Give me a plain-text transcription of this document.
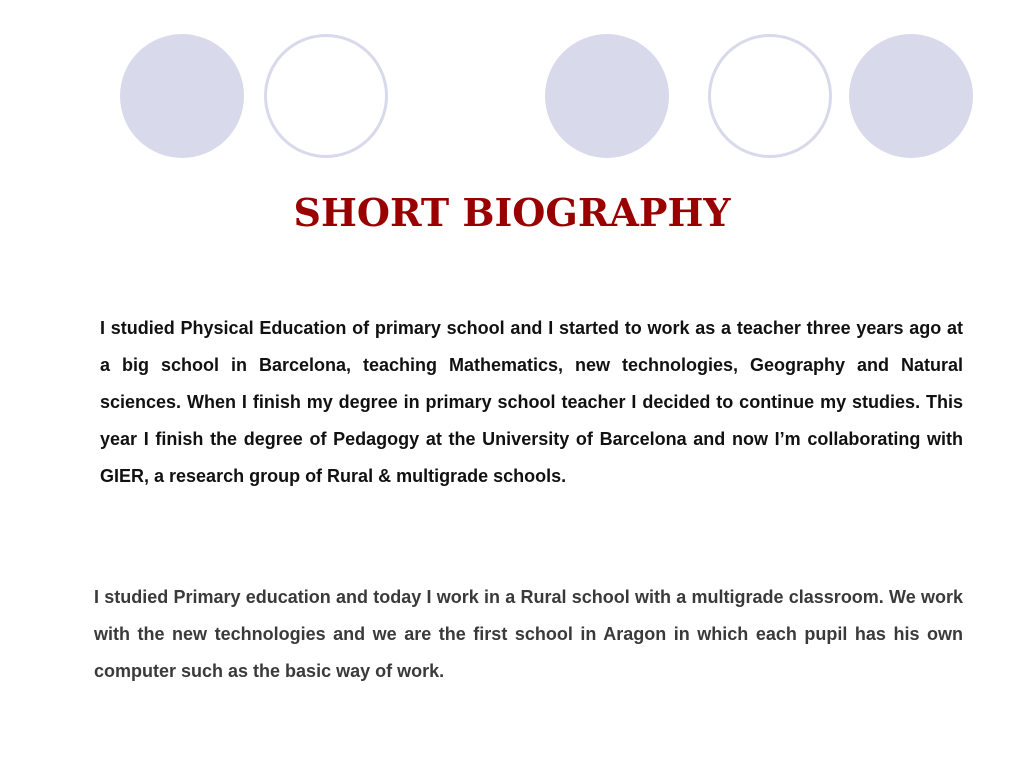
SHORT BIOGRAPHY

I studied Physical Education of primary school and I started to work as a teacher three years ago at a big school in Barcelona, teaching Mathematics, new technologies, Geography and Natural sciences. When I finish my degree in primary school teacher I decided to continue my studies. This year I finish the degree of Pedagogy at the University of Barcelona and now I’m collaborating with GIER, a research group of Rural & multigrade schools.

I studied Primary education and today I work in a Rural school with a multigrade classroom. We work with the new technologies and we are the first school in Aragon in which each pupil has his own computer such as the basic way of work.
